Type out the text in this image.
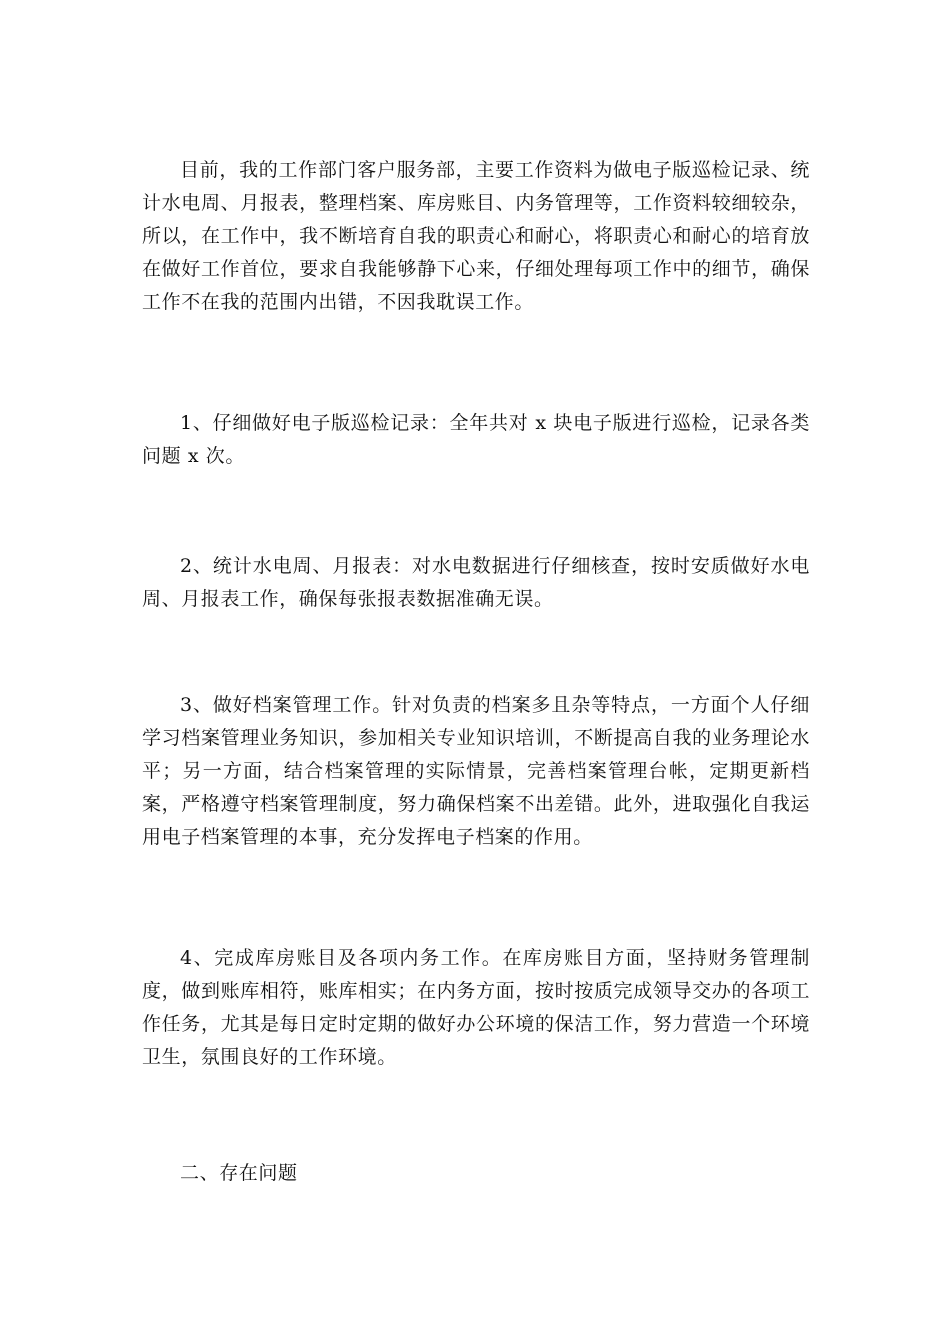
目前，我的工作部门客户服务部，主要工作资料为做电子版巡检记录、统计水电周、月报表，整理档案、库房账目、内务管理等，工作资料较细较杂，所以，在工作中，我不断培育自我的职责心和耐心，将职责心和耐心的培育放在做好工作首位，要求自我能够静下心来，仔细处理每项工作中的细节，确保工作不在我的范围内出错，不因我耽误工作。

1、仔细做好电子版巡检记录：全年共对 x 块电子版进行巡检，记录各类问题 x 次。

2、统计水电周、月报表：对水电数据进行仔细核查，按时安质做好水电周、月报表工作，确保每张报表数据准确无误。

3、做好档案管理工作。针对负责的档案多且杂等特点，一方面个人仔细学习档案管理业务知识，参加相关专业知识培训，不断提高自我的业务理论水平；另一方面，结合档案管理的实际情景，完善档案管理台帐，定期更新档案，严格遵守档案管理制度，努力确保档案不出差错。此外，进取强化自我运用电子档案管理的本事，充分发挥电子档案的作用。

4、完成库房账目及各项内务工作。在库房账目方面，坚持财务管理制度，做到账库相符，账库相实；在内务方面，按时按质完成领导交办的各项工作任务，尤其是每日定时定期的做好办公环境的保洁工作，努力营造一个环境卫生，氛围良好的工作环境。

二、存在问题
